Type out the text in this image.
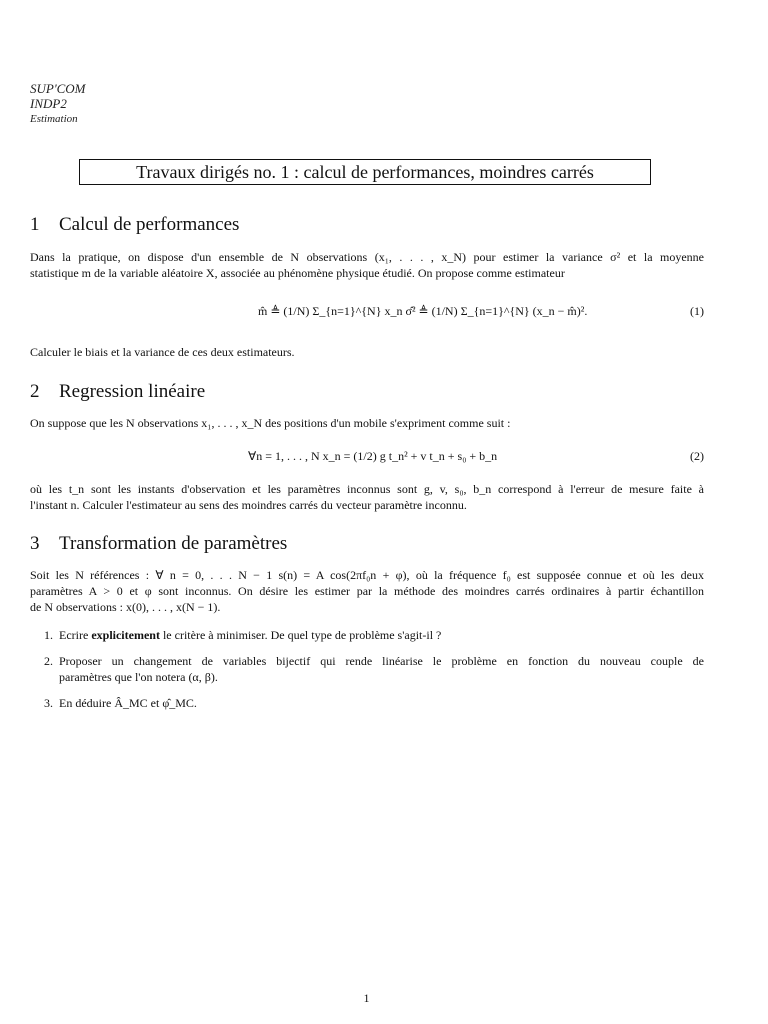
SUP'COM
INDP2
Estimation
Travaux dirigés no. 1 : calcul de performances, moindres carrés
1 Calcul de performances
Dans la pratique, on dispose d'un ensemble de N observations (x₁, . . . , x_N) pour estimer la variance σ² et la moyenne
statistique m de la variable aléatoire X, associée au phénomène physique étudié. On propose comme estimateur
m̂ ≜ (1/N) Σ_{n=1}^{N} x_n σ̂² ≜ (1/N) Σ_{n=1}^{N} (x_n − m̂)².	(1)
Calculer le biais et la variance de ces deux estimateurs.
2 Regression linéaire
On suppose que les N observations x₁, . . . , x_N des positions d'un mobile s'expriment comme suit :
∀n = 1, . . . , N x_n = (1/2) g t_n² + v t_n + s₀ + b_n	(2)
où les t_n sont les instants d'observation et les paramètres inconnus sont g, v, s₀, b_n correspond à l'erreur de mesure faite à
l'instant n. Calculer l'estimateur au sens des moindres carrés du vecteur paramètre inconnu.
3 Transformation de paramètres
Soit les N références : ∀ n = 0, . . . N − 1 s(n) = A cos(2πf₀n + φ), où la fréquence f₀ est supposée connue et où les deux
paramètres A > 0 et φ sont inconnus. On désire les estimer par la méthode des moindres carrés ordinaires à partir échantillon
de N observations : x(0), . . . , x(N − 1).
1. Ecrire explicitement le critère à minimiser. De quel type de problème s'agit-il ?
2. Proposer un changement de variables bijectif qui rende linéarise le problème en fonction du nouveau couple de
paramètres que l'on notera (α, β).
3. En déduire Â_MC et φ̂_MC.
1
